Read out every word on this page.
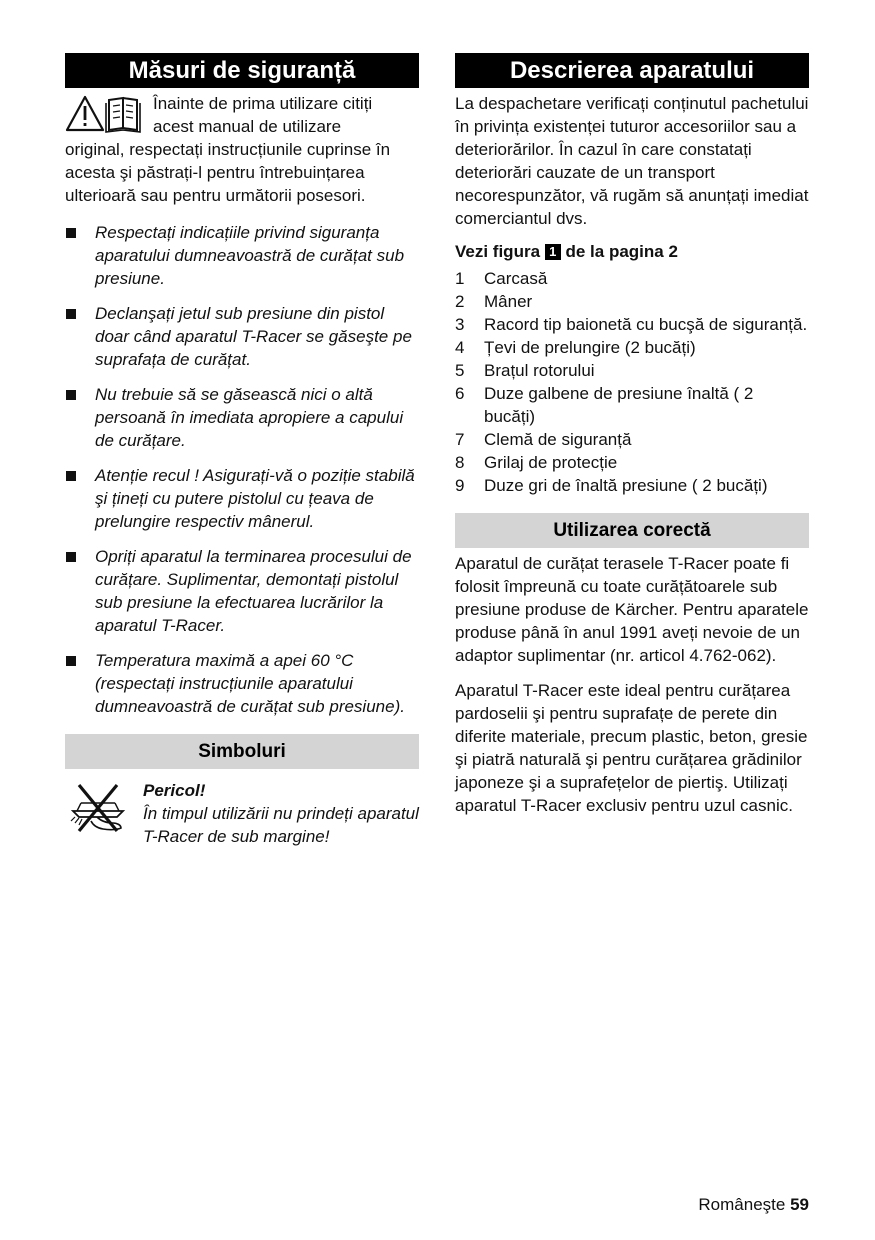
Măsuri de siguranță
Înainte de prima utilizare citiți
acest manual de utilizare
original, respectați instrucțiunile cuprinse în acesta şi păstrați-l pentru întrebuințarea ulterioară sau pentru următorii posesori.
Respectați indicațiile privind siguranța aparatului dumneavoastră de curățat sub presiune.
Declanşați jetul sub presiune din pistol doar când aparatul T-Racer se găseşte pe suprafața de curățat.
Nu trebuie să se găsească nici o altă persoană în imediata apropiere a capului de curățare.
Atenție recul ! Asigurați-vă o poziție stabilă şi țineți cu putere pistolul cu țeava de prelungire respectiv mânerul.
Opriți aparatul la terminarea procesului de curățare. Suplimentar, demontați pistolul sub presiune la efectuarea lucrărilor la aparatul T-Racer.
Temperatura maximă a apei 60 °C (respectați instrucțiunile aparatului dumneavoastră de curățat sub presiune).
Simboluri
Pericol!
În timpul utilizării nu prindeți aparatul T-Racer de sub margine!
Descrierea aparatului

La despachetare verificați conținutul pachetului în privința existenței tuturor accesoriilor sau a deteriorărilor. În cazul în care constatați deteriorări cauzate de un transport necorespunzător, vă rugăm să anunțați imediat comerciantul dvs.

Vezi figura 1 de la pagina 2

1 Carcasă
2 Mâner
3 Racord tip baionetă cu bucşă de siguranță.
4 Țevi de prelungire (2 bucăți)
5 Brațul rotorului
6 Duze galbene de presiune înaltă ( 2 bucăți)
7 Clemă de siguranță
8 Grilaj de protecție
9 Duze gri de înaltă presiune ( 2 bucăți)
Utilizarea corectă

Aparatul de curățat terasele T-Racer poate fi folosit împreună cu toate curățătoarele sub presiune produse de Kärcher. Pentru aparatele produse până în anul 1991 aveți nevoie de un adaptor suplimentar (nr. articol 4.762-062).

Aparatul T-Racer este ideal pentru curățarea pardoselii şi pentru suprafațe de perete din diferite materiale, precum plastic, beton, gresie şi piatră naturală şi pentru curățarea grădinilor japoneze şi a suprafețelor de piertiş. Utilizați aparatul T-Racer exclusiv pentru uzul casnic.

Româneşte 59
